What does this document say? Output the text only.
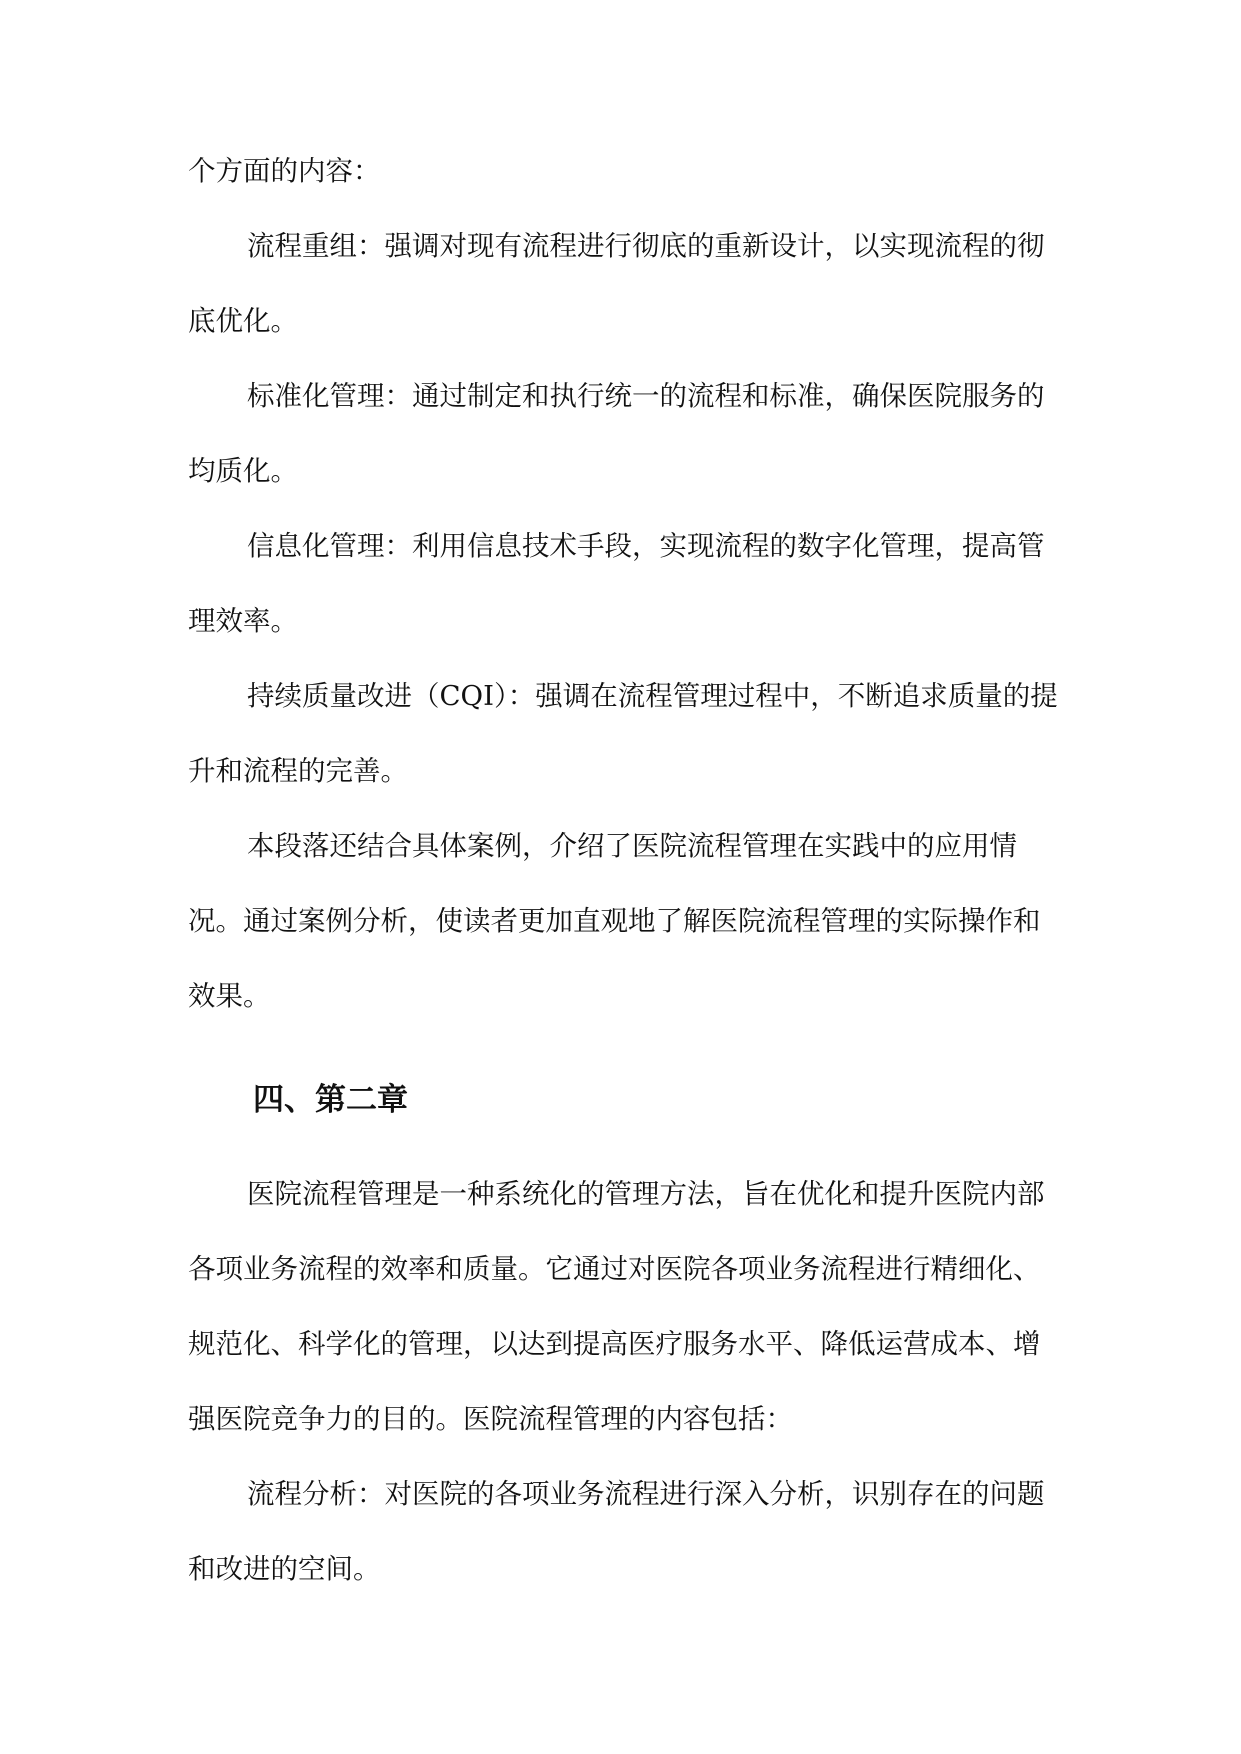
个方面的内容：

流程重组：强调对现有流程进行彻底的重新设计，以实现流程的彻底优化。

标准化管理：通过制定和执行统一的流程和标准，确保医院服务的均质化。

信息化管理：利用信息技术手段，实现流程的数字化管理，提高管理效率。

持续质量改进（CQI）：强调在流程管理过程中，不断追求质量的提升和流程的完善。

本段落还结合具体案例，介绍了医院流程管理在实践中的应用情况。通过案例分析，使读者更加直观地了解医院流程管理的实际操作和效果。

四、第二章

医院流程管理是一种系统化的管理方法，旨在优化和提升医院内部各项业务流程的效率和质量。它通过对医院各项业务流程进行精细化、规范化、科学化的管理，以达到提高医疗服务水平、降低运营成本、增强医院竞争力的目的。医院流程管理的内容包括：

流程分析：对医院的各项业务流程进行深入分析，识别存在的问题和改进的空间。
